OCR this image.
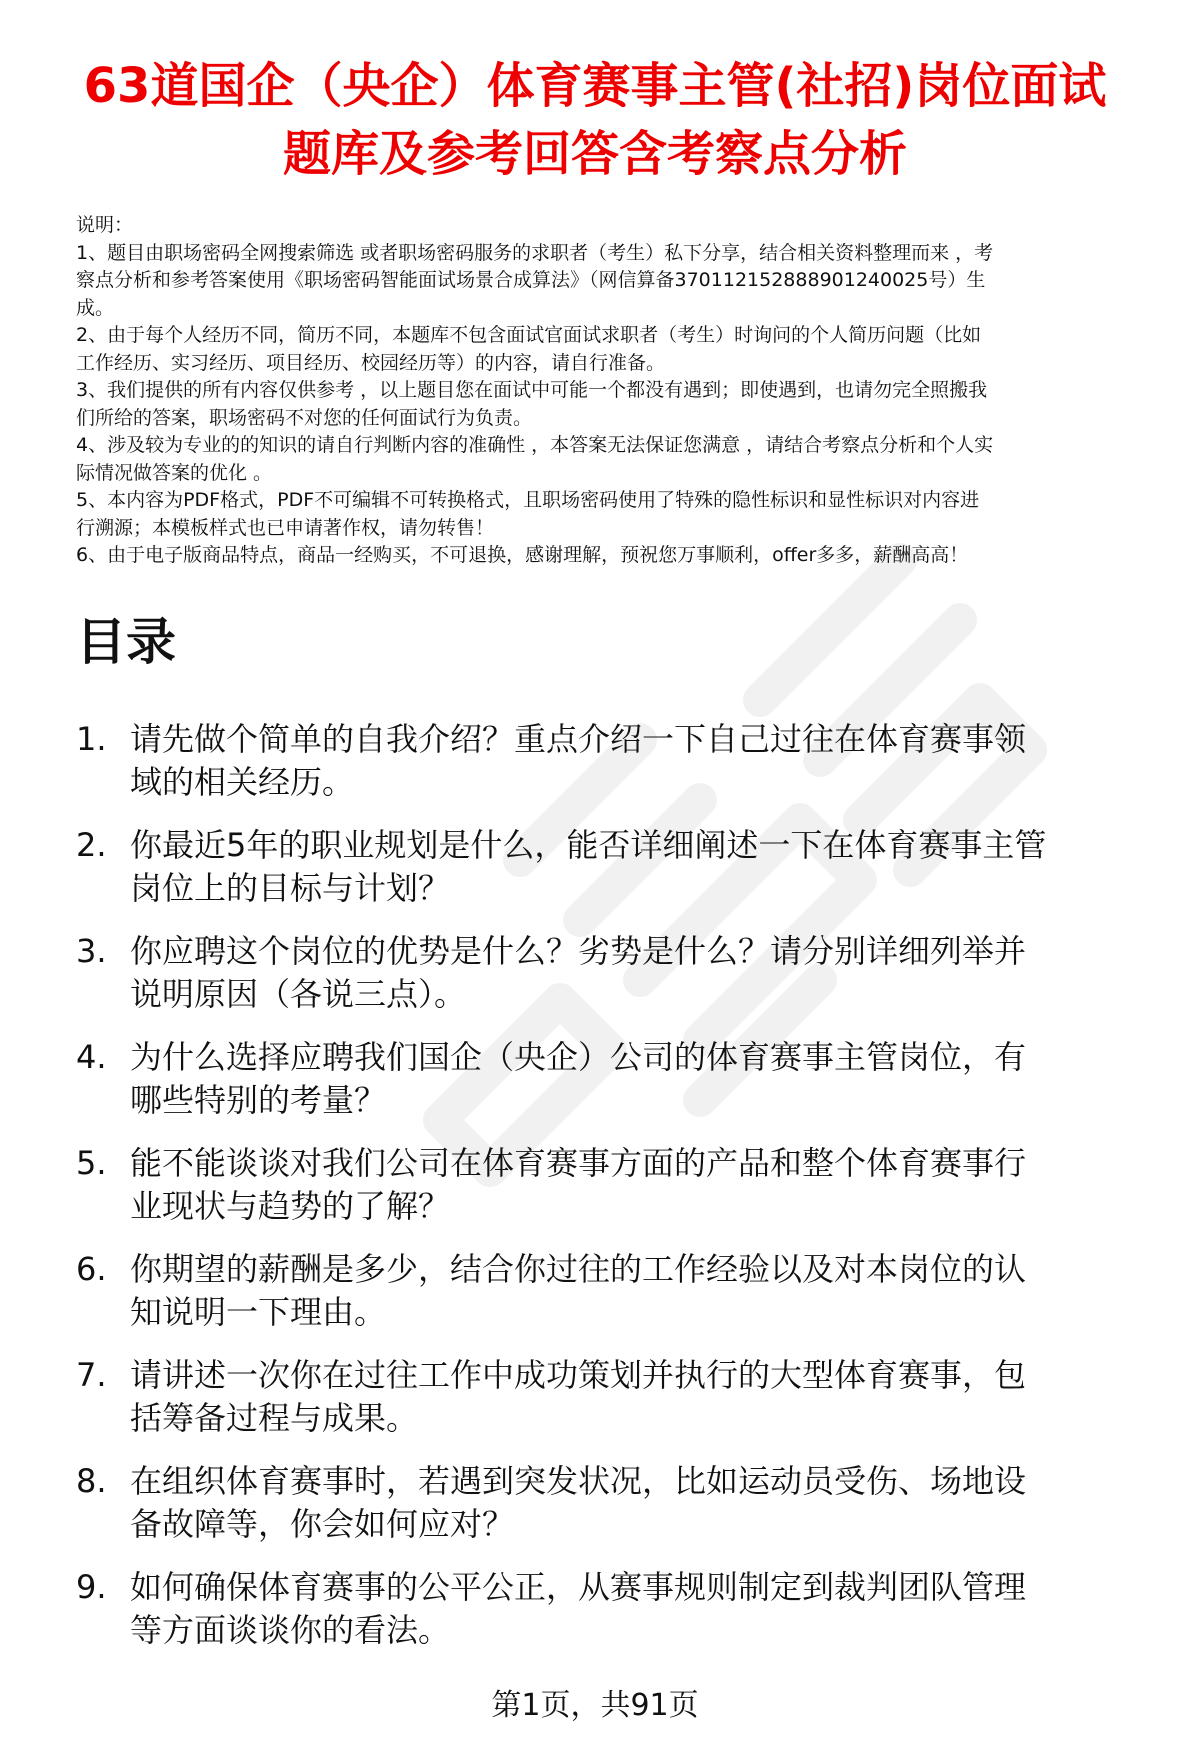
63道国企（央企）体育赛事主管(社招)岗位面试
题库及参考回答含考察点分析
说明：
1、题目由职场密码全网搜索筛选 或者职场密码服务的求职者（考生）私下分享，结合相关资料整理而来 ，考
察点分析和参考答案使用《职场密码智能面试场景合成算法》（网信算备370112152888901240025号）生
成。
2、由于每个人经历不同，简历不同，本题库不包含面试官面试求职者（考生）时询问的个人简历问题（比如
工作经历、实习经历、项目经历、校园经历等）的内容，请自行准备。
3、我们提供的所有内容仅供参考 ，以上题目您在面试中可能一个都没有遇到；即使遇到，也请勿完全照搬我
们所给的答案，职场密码不对您的任何面试行为负责。
4、涉及较为专业的的知识的请自行判断内容的准确性 ，本答案无法保证您满意 ，请结合考察点分析和个人实
际情况做答案的优化 。
5、本内容为PDF格式，PDF不可编辑不可转换格式，且职场密码使用了特殊的隐性标识和显性标识对内容进
行溯源；本模板样式也已申请著作权，请勿转售！
6、由于电子版商品特点，商品一经购买，不可退换，感谢理解，预祝您万事顺利，offer多多，薪酬高高！
目录
1. 请先做个简单的自我介绍？重点介绍一下自己过往在体育赛事领
域的相关经历。
2. 你最近5年的职业规划是什么，能否详细阐述一下在体育赛事主管
岗位上的目标与计划？
3. 你应聘这个岗位的优势是什么？劣势是什么？请分别详细列举并
说明原因（各说三点）。
4. 为什么选择应聘我们国企（央企）公司的体育赛事主管岗位，有
哪些特别的考量？
5. 能不能谈谈对我们公司在体育赛事方面的产品和整个体育赛事行
业现状与趋势的了解？
6. 你期望的薪酬是多少，结合你过往的工作经验以及对本岗位的认
知说明一下理由。
7. 请讲述一次你在过往工作中成功策划并执行的大型体育赛事，包
括筹备过程与成果。
8. 在组织体育赛事时，若遇到突发状况，比如运动员受伤、场地设
备故障等，你会如何应对？
9. 如何确保体育赛事的公平公正，从赛事规则制定到裁判团队管理
等方面谈谈你的看法。
第1页，共91页
